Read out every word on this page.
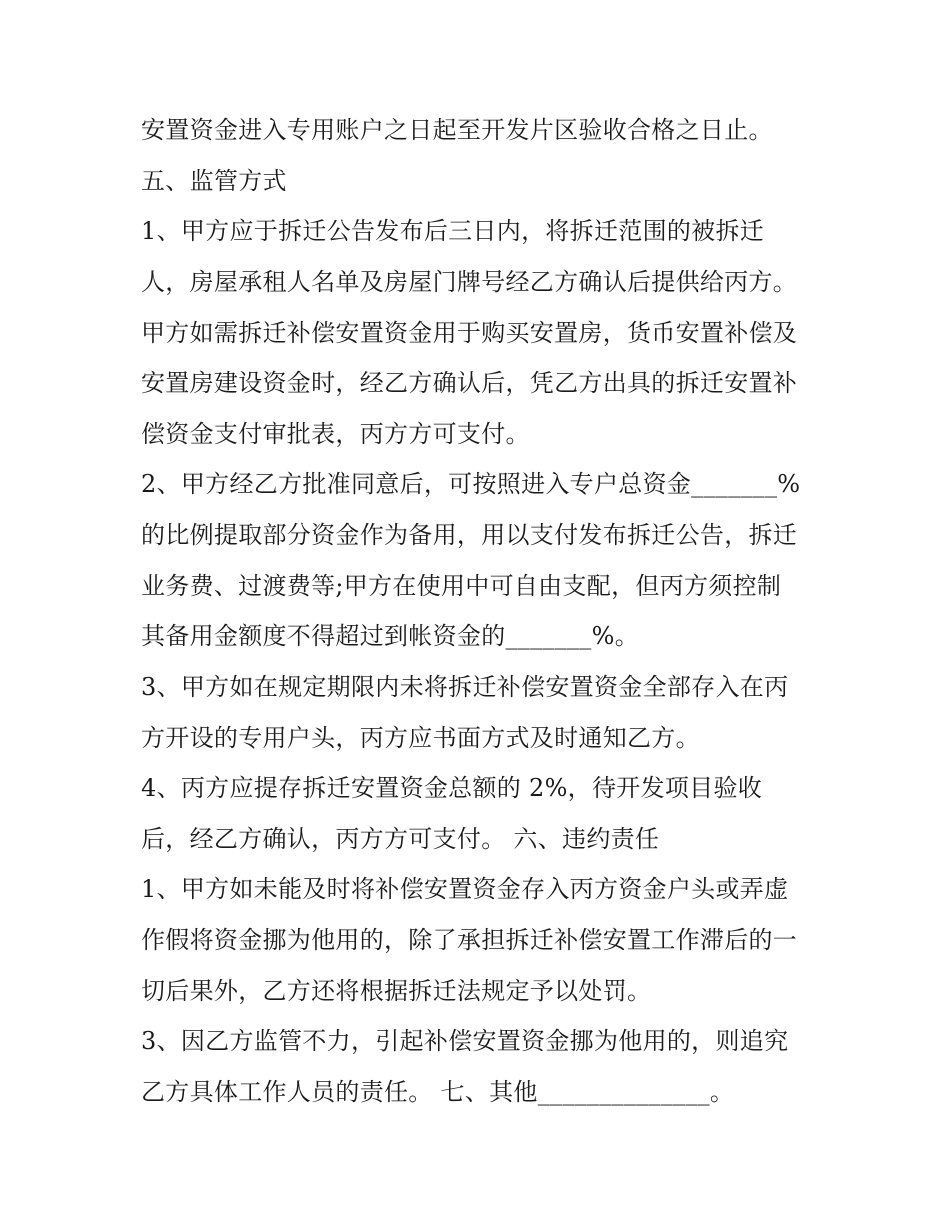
安置资金进入专用账户之日起至开发片区验收合格之日止。
五、监管方式
1、甲方应于拆迁公告发布后三日内，将拆迁范围的被拆迁
人，房屋承租人名单及房屋门牌号经乙方确认后提供给丙方。
甲方如需拆迁补偿安置资金用于购买安置房，货币安置补偿及
安置房建设资金时，经乙方确认后，凭乙方出具的拆迁安置补
偿资金支付审批表，丙方方可支付。
2、甲方经乙方批准同意后，可按照进入专户总资金_______%
的比例提取部分资金作为备用，用以支付发布拆迁公告，拆迁
业务费、过渡费等;甲方在使用中可自由支配，但丙方须控制
其备用金额度不得超过到帐资金的_______%。
3、甲方如在规定期限内未将拆迁补偿安置资金全部存入在丙
方开设的专用户头，丙方应书面方式及时通知乙方。
4、丙方应提存拆迁安置资金总额的 2%，待开发项目验收
后，经乙方确认，丙方方可支付。 六、违约责任
1、甲方如未能及时将补偿安置资金存入丙方资金户头或弄虚
作假将资金挪为他用的，除了承担拆迁补偿安置工作滞后的一
切后果外，乙方还将根据拆迁法规定予以处罚。
3、因乙方监管不力，引起补偿安置资金挪为他用的，则追究
乙方具体工作人员的责任。 七、其他______________。
